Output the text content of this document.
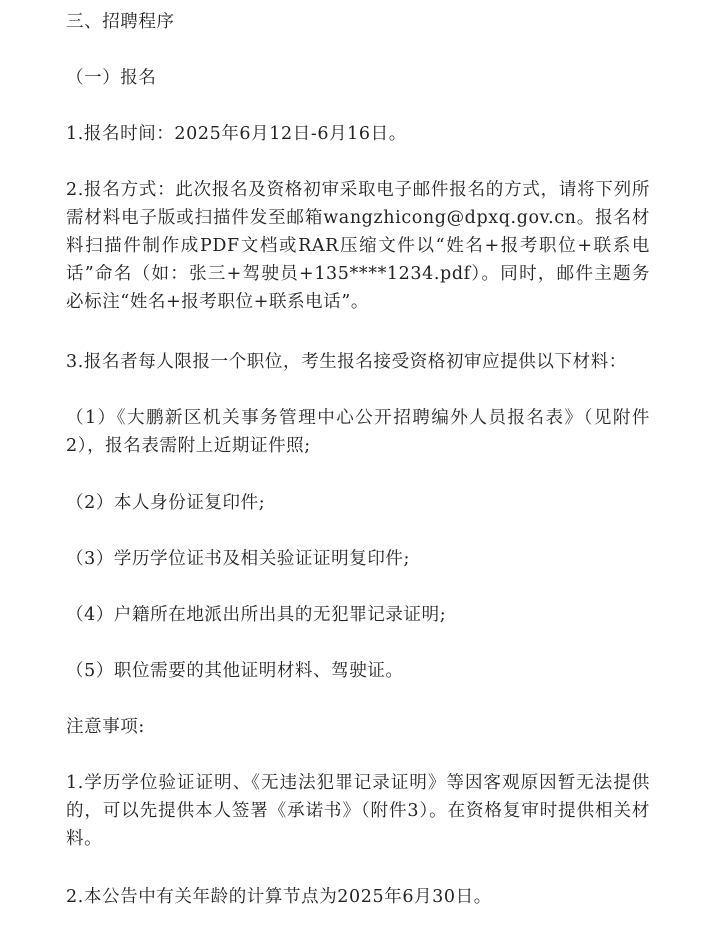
三、招聘程序
（一）报名
1.报名时间：2025年6月12日-6月16日。
2.报名方式：此次报名及资格初审采取电子邮件报名的方式，请将下列所需材料电子版或扫描件发至邮箱wangzhicong@dpxq.gov.cn。报名材料扫描件制作成PDF文档或RAR压缩文件以“姓名+报考职位+联系电话”命名（如：张三+驾驶员+135****1234.pdf）。同时，邮件主题务必标注“姓名+报考职位+联系电话”。
3.报名者每人限报一个职位，考生报名接受资格初审应提供以下材料：
（1）《大鹏新区机关事务管理中心公开招聘编外人员报名表》（见附件2），报名表需附上近期证件照;
（2）本人身份证复印件;
（3）学历学位证书及相关验证证明复印件;
（4）户籍所在地派出所出具的无犯罪记录证明;
（5）职位需要的其他证明材料、驾驶证。
注意事项:
1.学历学位验证证明、《无违法犯罪记录证明》等因客观原因暂无法提供的，可以先提供本人签署《承诺书》（附件3）。在资格复审时提供相关材料。
2.本公告中有关年龄的计算节点为2025年6月30日。
